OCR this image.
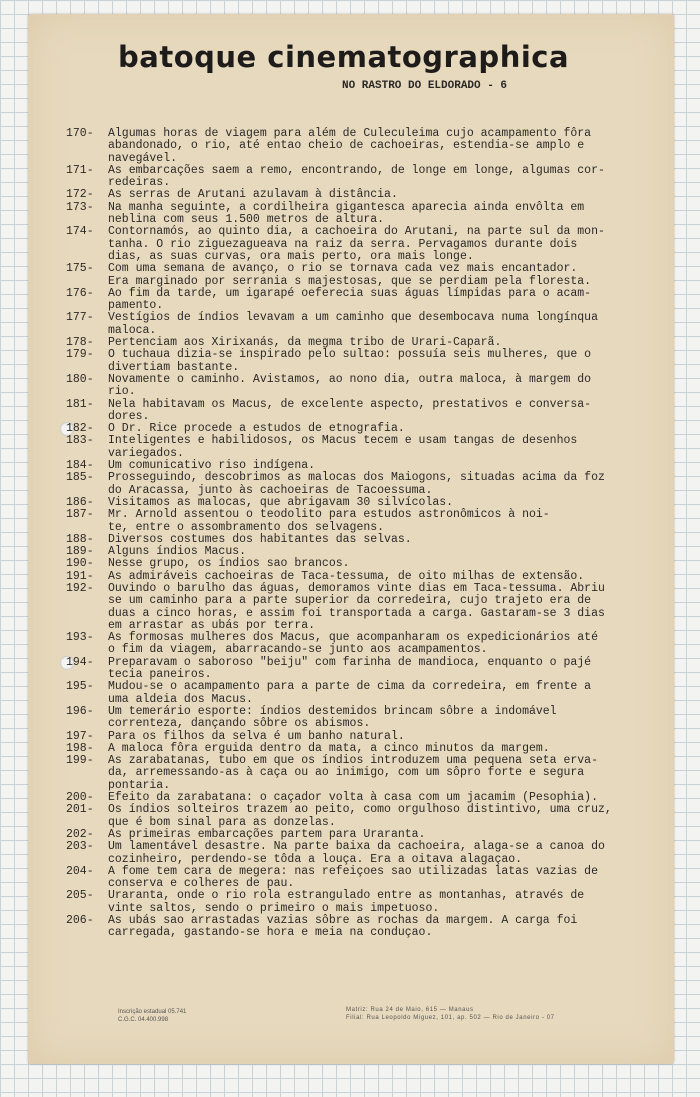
batoque cinematographica
NO RASTRO DO ELDORADO - 6
170-	Algumas horas de viagem para além de Culeculeima cujo acampamento fôra
abandonado, o rio, até entao cheio de cachoeiras, estendia-se amplo e
navegável.
171-	As embarcações saem a remo, encontrando, de longe em longe, algumas cor-
redeiras.
172-	As serras de Arutani azulavam à distância.
173-	Na manha seguinte, a cordilheira gigantesca aparecia ainda envôlta em
neblina com seus 1.500 metros de altura.
174-	Contornamós, ao quinto dia, a cachoeira do Arutani, na parte sul da mon-
tanha. O rio ziguezagueava na raiz da serra. Pervagamos durante dois
dias, as suas curvas, ora mais perto, ora mais longe.
175-	Com uma semana de avanço, o rio se tornava cada vez mais encantador.
Era marginado por serrania s majestosas, que se perdiam pela floresta.
176-	Ao fim da tarde, um igarapé oeferecia suas águas límpidas para o acam-
pamento.
177-	Vestígios de índios levavam a um caminho que desembocava numa longínqua
maloca.
178-	Pertenciam aos Xirixanás, da megma tribo de Urari-Caparã.
179-	O tuchaua dizia-se inspirado pelo sultao: possuía seis mulheres, que o
divertiam bastante.
180-	Novamente o caminho. Avistamos, ao nono dia, outra maloca, à margem do
rio.
181-	Nela habitavam os Macus, de excelente aspecto, prestativos e conversa-
dores.
182-	O Dr. Rice procede a estudos de etnografia.
183-	Inteligentes e habilidosos, os Macus tecem e usam tangas de desenhos
variegados.
184-	Um comunicativo riso indígena.
185-	Prosseguindo, descobrimos as malocas dos Maiogons, situadas acima da foz
do Aracassa, junto às cachoeiras de Tacoessuma.
186-	Visitamos as malocas, que abrigavam 30 silvícolas.
187-	Mr. Arnold assentou o teodolito para estudos astronômicos à noi-
te, entre o assombramento dos selvagens.
188-	Diversos costumes dos habitantes das selvas.
189-	Alguns índios Macus.
190-	Nesse grupo, os índios sao brancos.
191-	As admiráveis cachoeiras de Taca-tessuma, de oito milhas de extensão.
192-	Ouvindo o barulho das águas, demoramos vinte dias em Taca-tessuma. Abriu
se um caminho para a parte superior da corredeira, cujo trajeto era de
duas a cinco horas, e assim foi transportada a carga. Gastaram-se 3 dias
em arrastar as ubás por terra.
193-	As formosas mulheres dos Macus, que acompanharam os expedicionários até
o fim da viagem, abarracando-se junto aos acampamentos.
194-	Preparavam o saboroso "beiju" com farinha de mandioca, enquanto o pajé
tecia paneiros.
195-	Mudou-se o acampamento para a parte de cima da corredeira, em frente a
uma aldeia dos Macus.
196-	Um temerário esporte: índios destemidos brincam sôbre a indomável
correnteza, dançando sôbre os abismos.
197-	Para os filhos da selva é um banho natural.
198-	A maloca fôra erguida dentro da mata, a cinco minutos da margem.
199-	As zarabatanas, tubo em que os índios introduzem uma pequena seta erva-
da, arremessando-as à caça ou ao inimigo, com um sôpro forte e segura
pontaria.
200-	Efeito da zarabatana: o caçador volta à casa com um jacamim (Pesophia).
201-	Os índios solteiros trazem ao peito, como orgulhoso distintivo, uma cruz,
que é bom sinal para as donzelas.
202-	As primeiras embarcações partem para Uraranta.
203-	Um lamentável desastre. Na parte baixa da cachoeira, alaga-se a canoa do
cozinheiro, perdendo-se tôda a louça. Era a oitava alagaçao.
204-	A fome tem cara de megera: nas refeiçoes sao utilizadas latas vazias de
conserva e colheres de pau.
205-	Uraranta, onde o rio rola estrangulado entre as montanhas, através de
vinte saltos, sendo o primeiro o mais impetuoso.
206-	As ubás sao arrastadas vazias sôbre as rochas da margem. A carga foi
carregada, gastando-se hora e meia na conduçao.
Inscrição estadual 05.741
C.G.C. 04.400.998
Matriz: Rua 24 de Maio, 615 — Manaus
Filial: Rua Leopoldo Miguez, 101, ap. 502 — Rio de Janeiro - 07
